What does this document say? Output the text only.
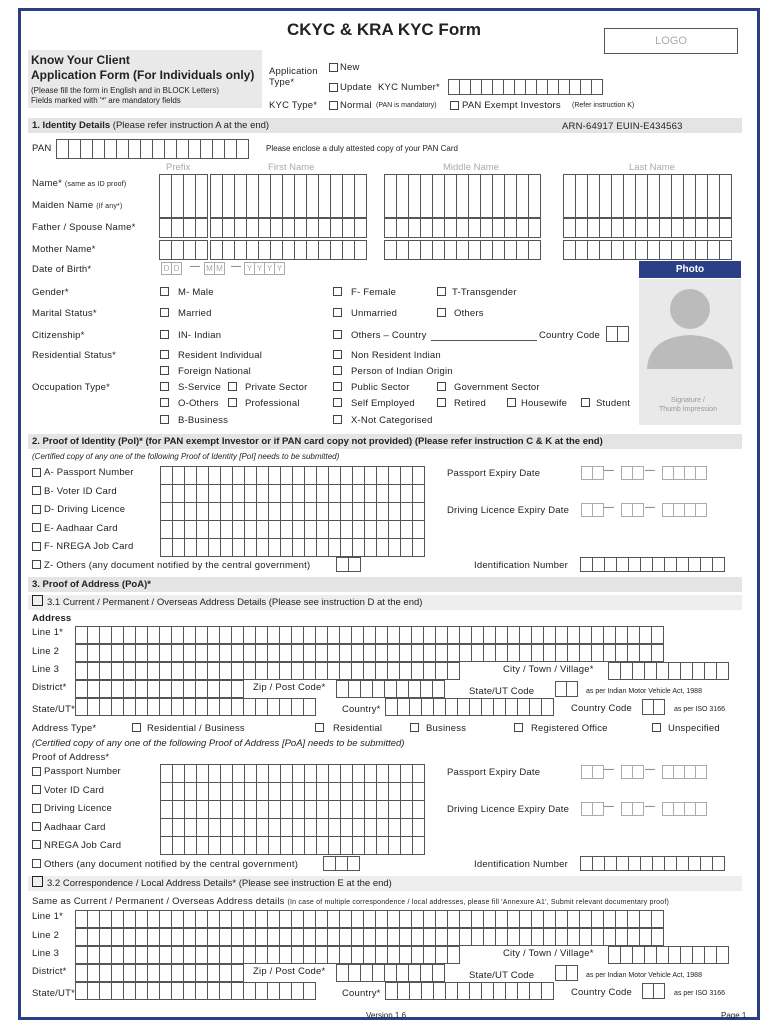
CKYC & KRA KYC Form
LOGO
Know Your Client
Application Form (For Individuals only)
(Please fill the form in English and in BLOCK Letters)
Fields marked with '*' are mandatory fields
Application Type*
New
Update KYC Number*
KYC Type* Normal (PAN is mandatory)	PAN Exempt Investors (Refer instruction K)
1. Identity Details (Please refer instruction A at the end)	ARN-64917 EUIN-E434563
PAN	Please enclose a duly attested copy of your PAN Card
Prefix	First Name	Middle Name	Last Name
Name* (same as ID proof)
Maiden Name (If any*)
Father / Spouse Name*
Mother Name*
Date of Birth*	D D — M M — Y Y Y Y	Photo
Signature /
Thumb Impression
Gender*	M- Male	F- Female	T-Transgender
Marital Status*	Married	Unmarried	Others
Citizenship*	IN- Indian	Others – Country	Country Code
Residential Status*	Resident Individual	Non Resident Indian
Foreign National	Person of Indian Origin
Occupation Type*	S-Service	Private Sector	Public Sector	Government Sector
O-Others	Professional	Self Employed	Retired	Housewife	Student
B-Business	X-Not Categorised
2. Proof of Identity (PoI)* (for PAN exempt Investor or if PAN card copy not provided) (Please refer instruction C & K at the end)
(Certified copy of any one of the following Proof of Identity [PoI] needs to be submitted)
A- Passport Number	Passport Expiry Date
B- Voter ID Card
D- Driving Licence	Driving Licence Expiry Date
E- Aadhaar Card
F- NREGA Job Card
Z- Others (any document notified by the central government)	Identification Number
3. Proof of Address (PoA)*
3.1 Current / Permanent / Overseas Address Details (Please see instruction D at the end)
Address
Line 1*
Line 2
Line 3	City / Town / Village*
District*	Zip / Post Code*	State/UT Code	as per Indian Motor Vehicle Act, 1988
State/UT*	Country*	Country Code	as per ISO 3166
Address Type*	Residential / Business	Residential	Business	Registered Office	Unspecified
(Certified copy of any one of the following Proof of Address [PoA] needs to be submitted)
Proof of Address*
Passport Number	Passport Expiry Date
Voter ID Card
Driving Licence	Driving Licence Expiry Date
Aadhaar Card
NREGA Job Card
Others (any document notified by the central government)	Identification Number
3.2 Correspondence / Local Address Details* (Please see instruction E at the end)
Same as Current / Permanent / Overseas Address details (In case of multiple correspondence / local addresses, please fill 'Annexure A1', Submit relevant documentary proof)
Line 1*
Line 2
Line 3	City / Town / Village*
District*	Zip / Post Code*	State/UT Code	as per Indian Motor Vehicle Act, 1988
State/UT*	Country*	Country Code	as per ISO 3166
Version 1.6	Page 1
—	—
—	—
—	—
—	—
